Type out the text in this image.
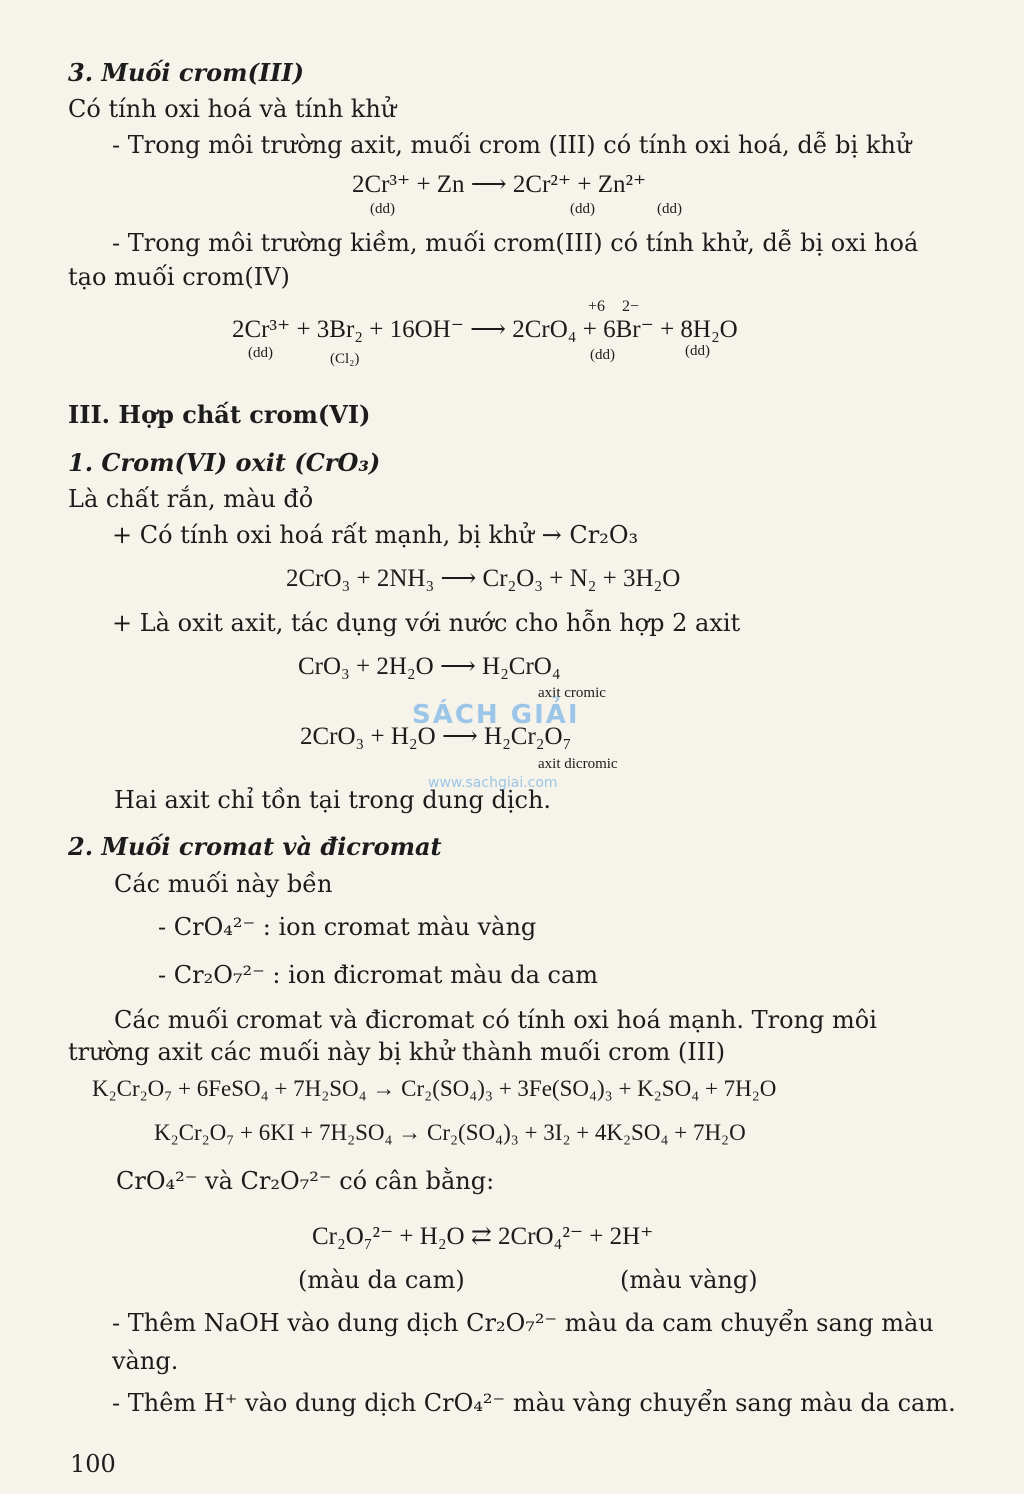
3. Muối crom(III)
Có tính oxi hoá và tính khử
- Trong môi trường axit, muối crom (III) có tính oxi hoá, dễ bị khử
2Cr³⁺ + Zn ⟶ 2Cr²⁺ + Zn²⁺
(dd)	(dd)	(dd)
- Trong môi trường kiềm, muối crom(III) có tính khử, dễ bị oxi hoá
tạo muối crom(IV)
+6 2−
2Cr³⁺ + 3Br₂ + 16OH⁻ ⟶ 2CrO₄ + 6Br⁻ + 8H₂O
(dd)	(Cl₂)	(dd)	(dd)
III. Hợp chất crom(VI)
1. Crom(VI) oxit (CrO₃)
Là chất rắn, màu đỏ
+ Có tính oxi hoá rất mạnh, bị khử → Cr₂O₃
2CrO₃ + 2NH₃ ⟶ Cr₂O₃ + N₂ + 3H₂O
+ Là oxit axit, tác dụng với nước cho hỗn hợp 2 axit
CrO₃ + 2H₂O ⟶ H₂CrO₄
axit cromic
2CrO₃ + H₂O ⟶ H₂Cr₂O₇
axit dicromic
SÁCH GIẢI
www.sachgiai.com
Hai axit chỉ tồn tại trong dung dịch.
2. Muối cromat và đicromat
Các muối này bền
- CrO₄²⁻ : ion cromat màu vàng
- Cr₂O₇²⁻ : ion đicromat màu da cam
Các muối cromat và đicromat có tính oxi hoá mạnh. Trong môi
trường axit các muối này bị khử thành muối crom (III)
K₂Cr₂O₇ + 6FeSO₄ + 7H₂SO₄ → Cr₂(SO₄)₃ + 3Fe(SO₄)₃ + K₂SO₄ + 7H₂O
K₂Cr₂O₇ + 6KI + 7H₂SO₄ → Cr₂(SO₄)₃ + 3I₂ + 4K₂SO₄ + 7H₂O
CrO₄²⁻ và Cr₂O₇²⁻ có cân bằng:
Cr₂O₇²⁻ + H₂O ⇄ 2CrO₄²⁻ + 2H⁺
(màu da cam)	(màu vàng)
- Thêm NaOH vào dung dịch Cr₂O₇²⁻ màu da cam chuyển sang màu
vàng.
- Thêm H⁺ vào dung dịch CrO₄²⁻ màu vàng chuyển sang màu da cam.
100
